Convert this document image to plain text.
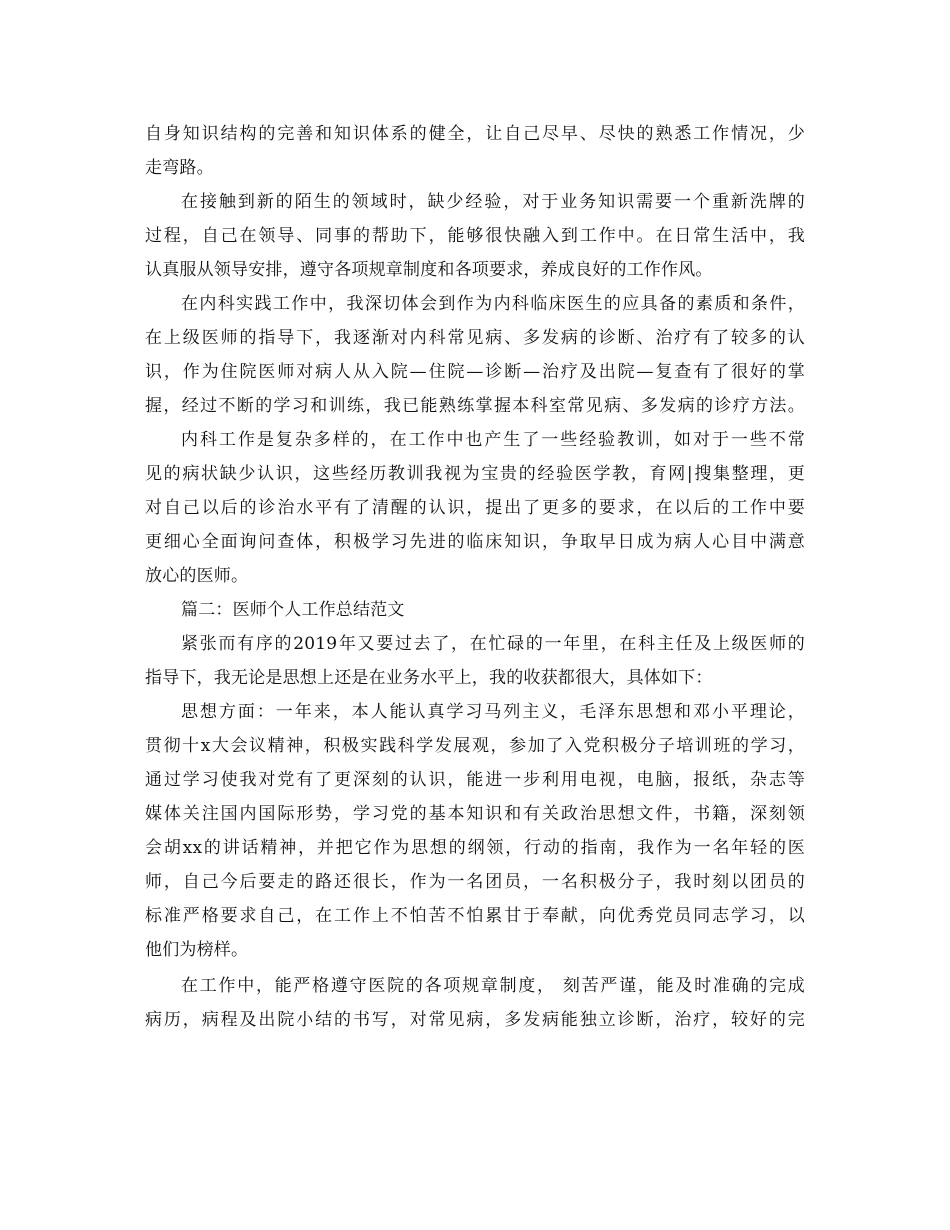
自身知识结构的完善和知识体系的健全，让自己尽早、尽快的熟悉工作情况，少
走弯路。
在接触到新的陌生的领域时，缺少经验，对于业务知识需要一个重新洗牌的
过程，自己在领导、同事的帮助下，能够很快融入到工作中。在日常生活中，我
认真服从领导安排，遵守各项规章制度和各项要求，养成良好的工作作风。
在内科实践工作中，我深切体会到作为内科临床医生的应具备的素质和条件，
在上级医师的指导下，我逐渐对内科常见病、多发病的诊断、治疗有了较多的认
识，作为住院医师对病人从入院—住院—诊断—治疗及出院—复查有了很好的掌
握，经过不断的学习和训练，我已能熟练掌握本科室常见病、多发病的诊疗方法。
内科工作是复杂多样的，在工作中也产生了一些经验教训，如对于一些不常
见的病状缺少认识，这些经历教训我视为宝贵的经验医学教，育网|搜集整理，更
对自己以后的诊治水平有了清醒的认识，提出了更多的要求，在以后的工作中要
更细心全面询问查体，积极学习先进的临床知识，争取早日成为病人心目中满意
放心的医师。
篇二：医师个人工作总结范文
紧张而有序的2019年又要过去了，在忙碌的一年里，在科主任及上级医师的
指导下，我无论是思想上还是在业务水平上，我的收获都很大，具体如下：
思想方面：一年来，本人能认真学习马列主义，毛泽东思想和邓小平理论，
贯彻十x大会议精神，积极实践科学发展观，参加了入党积极分子培训班的学习，
通过学习使我对党有了更深刻的认识，能进一步利用电视，电脑，报纸，杂志等
媒体关注国内国际形势，学习党的基本知识和有关政治思想文件，书籍，深刻领
会胡xx的讲话精神，并把它作为思想的纲领，行动的指南，我作为一名年轻的医
师，自己今后要走的路还很长，作为一名团员，一名积极分子，我时刻以团员的
标准严格要求自己，在工作上不怕苦不怕累甘于奉献，向优秀党员同志学习，以
他们为榜样。
在工作中，能严格遵守医院的各项规章制度， 刻苦严谨，能及时准确的完成
病历，病程及出院小结的书写，对常见病，多发病能独立诊断，治疗，较好的完
